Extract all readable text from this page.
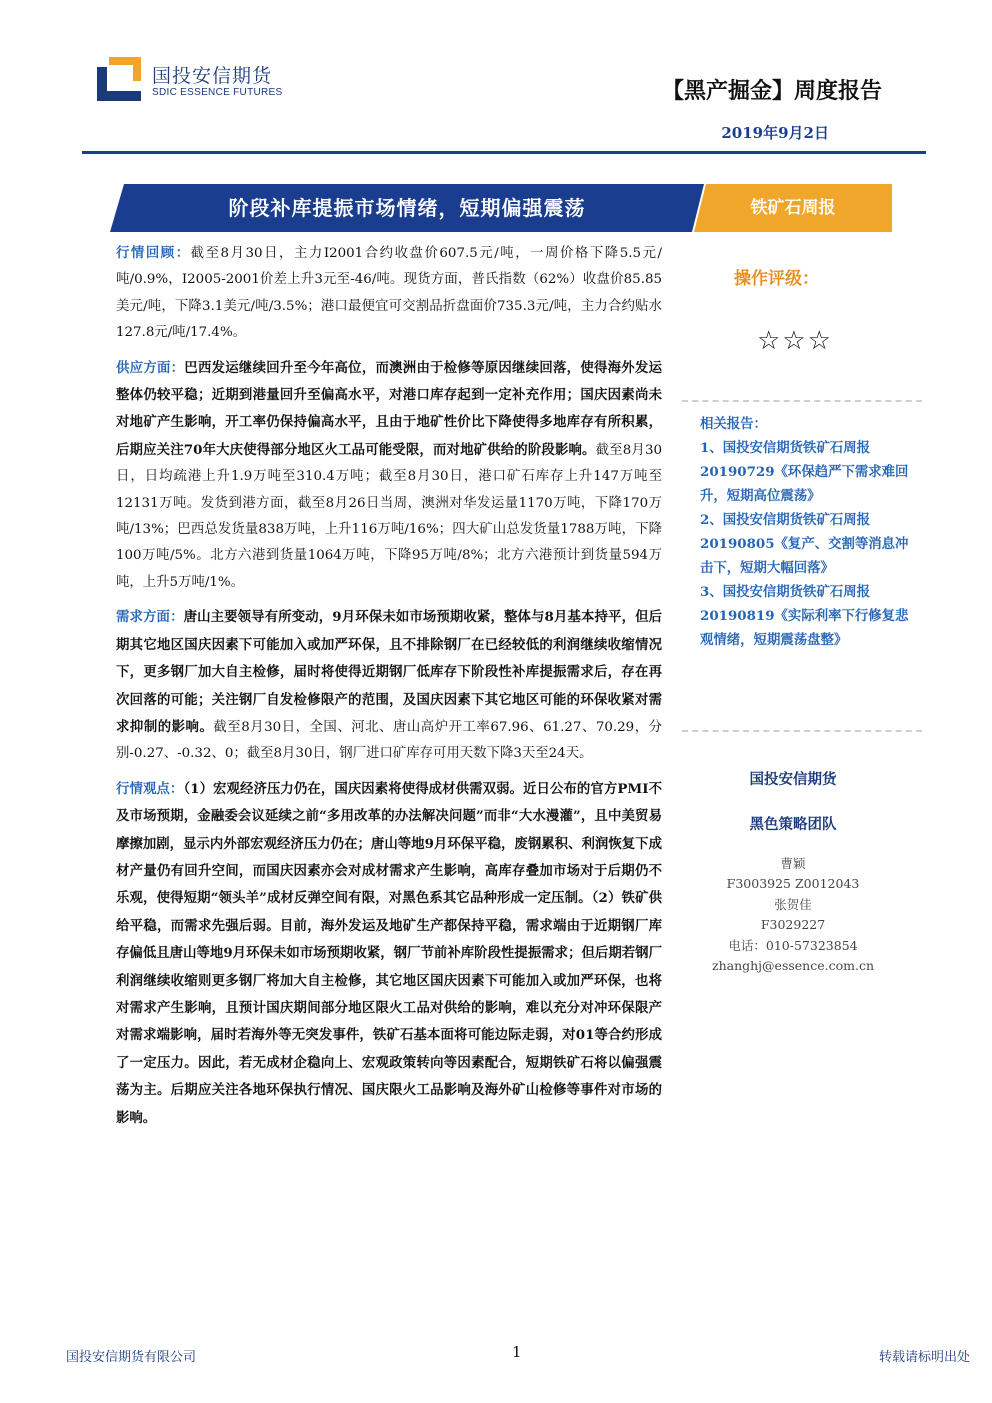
国投安信期货
SDIC ESSENCE FUTURES	【黑产掘金】周度报告
2019年9月2日
阶段补库提振市场情绪，短期偏强震荡	铁矿石周报

行情回顾：截至8月30日，主力I2001合约收盘价607.5元/吨，一周价格下降5.5元/吨/0.9%，I2005-2001价差上升3元至-46/吨。现货方面，普氏指数（62%）收盘价85.85美元/吨，下降3.1美元/吨/3.5%；港口最便宜可交割品折盘面价735.3元/吨，主力合约贴水127.8元/吨/17.4%。

供应方面：巴西发运继续回升至今年高位，而澳洲由于检修等原因继续回落，使得海外发运整体仍较平稳；近期到港量回升至偏高水平，对港口库存起到一定补充作用；国庆因素尚未对地矿产生影响，开工率仍保持偏高水平，且由于地矿性价比下降使得多地库存有所积累，后期应关注70年大庆使得部分地区火工品可能受限，而对地矿供给的阶段影响。截至8月30日，日均疏港上升1.9万吨至310.4万吨；截至8月30日，港口矿石库存上升147万吨至12131万吨。发货到港方面，截至8月26日当周，澳洲对华发运量1170万吨，下降170万吨/13%；巴西总发货量838万吨，上升116万吨/16%；四大矿山总发货量1788万吨，下降100万吨/5%。北方六港到货量1064万吨，下降95万吨/8%；北方六港预计到货量594万吨，上升5万吨/1%。

需求方面：唐山主要领导有所变动，9月环保未如市场预期收紧，整体与8月基本持平，但后期其它地区国庆因素下可能加入或加严环保，且不排除钢厂在已经较低的利润继续收缩情况下，更多钢厂加大自主检修，届时将使得近期钢厂低库存下阶段性补库提振需求后，存在再次回落的可能；关注钢厂自发检修限产的范围，及国庆因素下其它地区可能的环保收紧对需求抑制的影响。截至8月30日，全国、河北、唐山高炉开工率67.96、61.27、70.29，分别-0.27、-0.32、0；截至8月30日，钢厂进口矿库存可用天数下降3天至24天。

行情观点：（1）宏观经济压力仍在，国庆因素将使得成材供需双弱。近日公布的官方PMI不及市场预期，金融委会议延续之前“多用改革的办法解决问题”而非“大水漫灌”，且中美贸易摩擦加剧，显示内外部宏观经济压力仍在；唐山等地9月环保平稳，废钢累积、利润恢复下成材产量仍有回升空间，而国庆因素亦会对成材需求产生影响，高库存叠加市场对于后期仍不乐观，使得短期“领头羊”成材反弹空间有限，对黑色系其它品种形成一定压制。（2）铁矿供给平稳，而需求先强后弱。目前，海外发运及地矿生产都保持平稳，需求端由于近期钢厂库存偏低且唐山等地9月环保未如市场预期收紧，钢厂节前补库阶段性提振需求；但后期若钢厂利润继续收缩则更多钢厂将加大自主检修，其它地区国庆因素下可能加入或加严环保，也将对需求产生影响，且预计国庆期间部分地区限火工品对供给的影响，难以充分对冲环保限产对需求端影响，届时若海外等无突发事件，铁矿石基本面将可能边际走弱，对01等合约形成了一定压力。因此，若无成材企稳向上、宏观政策转向等因素配合，短期铁矿石将以偏强震荡为主。后期应关注各地环保执行情况、国庆限火工品影响及海外矿山检修等事件对市场的影响。

操作评级：
☆☆☆
相关报告：
1、国投安信期货铁矿石周报20190729《环保趋严下需求难回升，短期高位震荡》
2、国投安信期货铁矿石周报20190805《复产、交割等消息冲击下，短期大幅回落》
3、国投安信期货铁矿石周报20190819《实际利率下行修复悲观情绪，短期震荡盘整》
国投安信期货
黑色策略团队
曹颖
F3003925 Z0012043
张贺佳
F3029227
电话：010-57323854
zhanghj@essence.com.cn
国投安信期货有限公司	1	转载请标明出处
